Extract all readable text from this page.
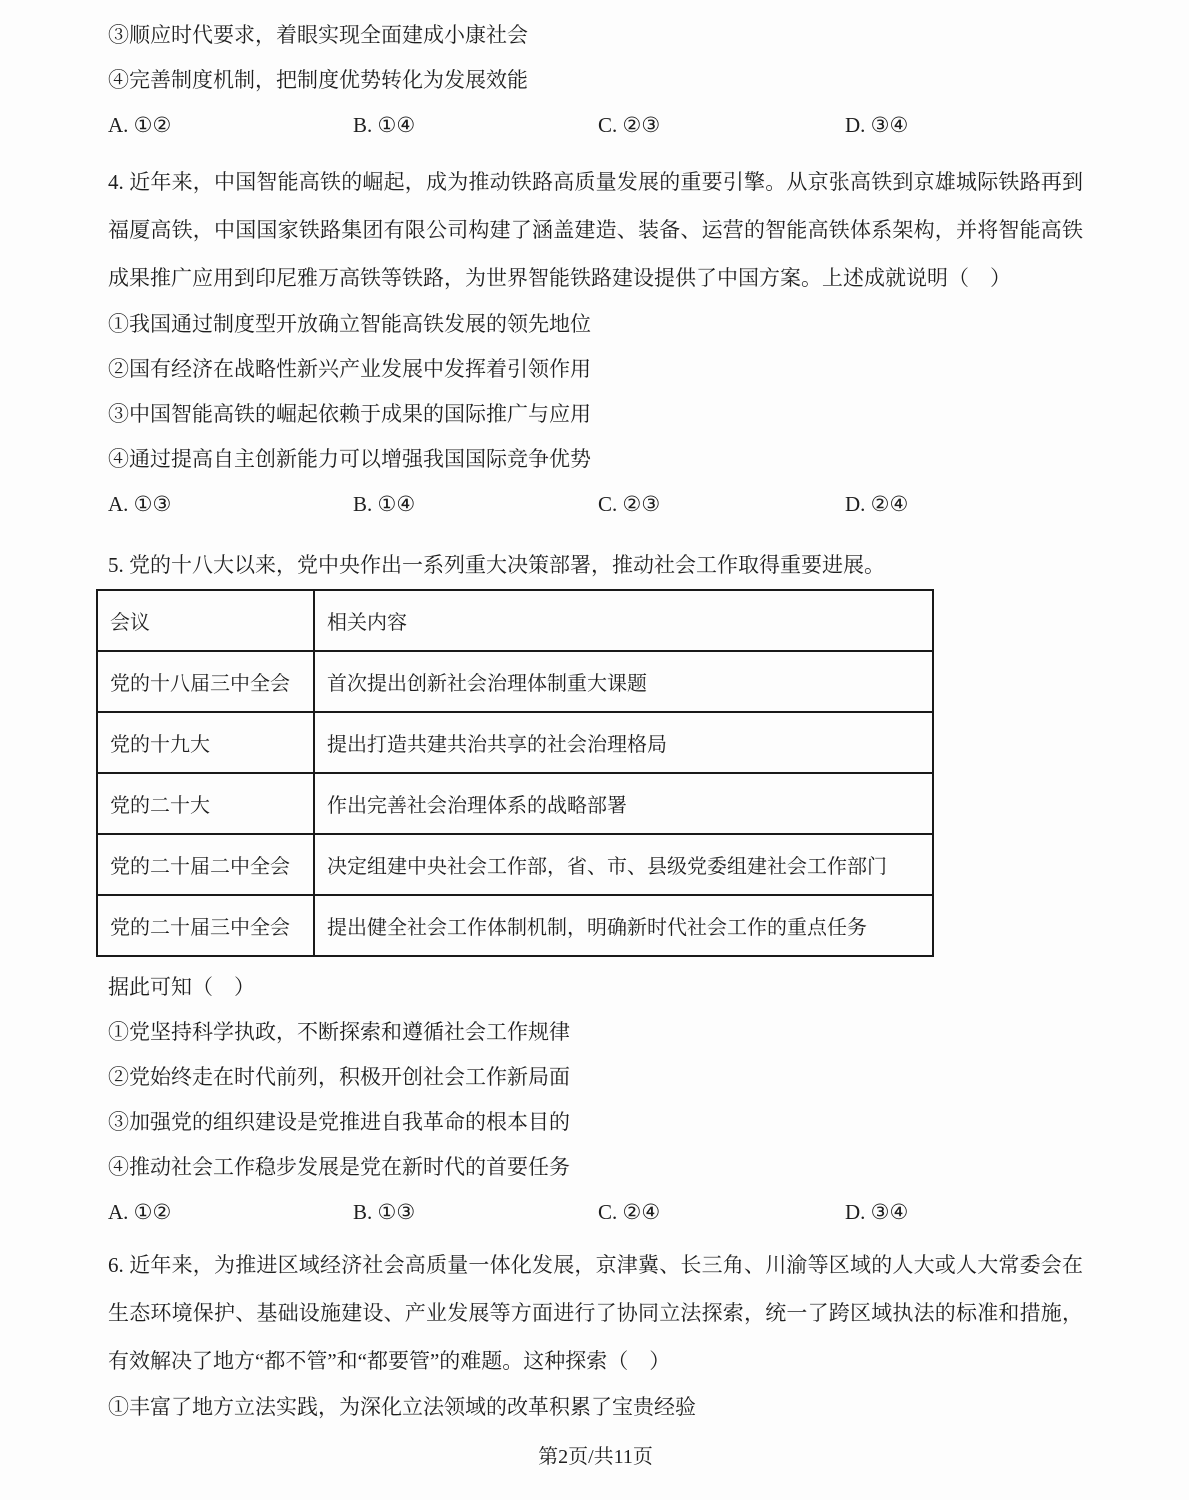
③顺应时代要求，着眼实现全面建成小康社会

④完善制度机制，把制度优势转化为发展效能

A. ①②	B. ①④	C. ②③	D. ③④

4. 近年来，中国智能高铁的崛起，成为推动铁路高质量发展的重要引擎。从京张高铁到京雄城际铁路再到福厦高铁，中国国家铁路集团有限公司构建了涵盖建造、装备、运营的智能高铁体系架构，并将智能高铁成果推广应用到印尼雅万高铁等铁路，为世界智能铁路建设提供了中国方案。上述成就说明（　）

①我国通过制度型开放确立智能高铁发展的领先地位

②国有经济在战略性新兴产业发展中发挥着引领作用

③中国智能高铁的崛起依赖于成果的国际推广与应用

④通过提高自主创新能力可以增强我国国际竞争优势

A. ①③	B. ①④	C. ②③	D. ②④

5. 党的十八大以来，党中央作出一系列重大决策部署，推动社会工作取得重要进展。

会议	相关内容
党的十八届三中全会	首次提出创新社会治理体制重大课题
党的十九大	提出打造共建共治共享的社会治理格局
党的二十大	作出完善社会治理体系的战略部署
党的二十届二中全会	决定组建中央社会工作部，省、市、县级党委组建社会工作部门
党的二十届三中全会	提出健全社会工作体制机制，明确新时代社会工作的重点任务

据此可知（　）

①党坚持科学执政，不断探索和遵循社会工作规律

②党始终走在时代前列，积极开创社会工作新局面

③加强党的组织建设是党推进自我革命的根本目的

④推动社会工作稳步发展是党在新时代的首要任务

A. ①②	B. ①③	C. ②④	D. ③④

6. 近年来，为推进区域经济社会高质量一体化发展，京津冀、长三角、川渝等区域的人大或人大常委会在生态环境保护、基础设施建设、产业发展等方面进行了协同立法探索，统一了跨区域执法的标准和措施，有效解决了地方“都不管”和“都要管”的难题。这种探索（　）

①丰富了地方立法实践，为深化立法领域的改革积累了宝贵经验

第2页/共11页
